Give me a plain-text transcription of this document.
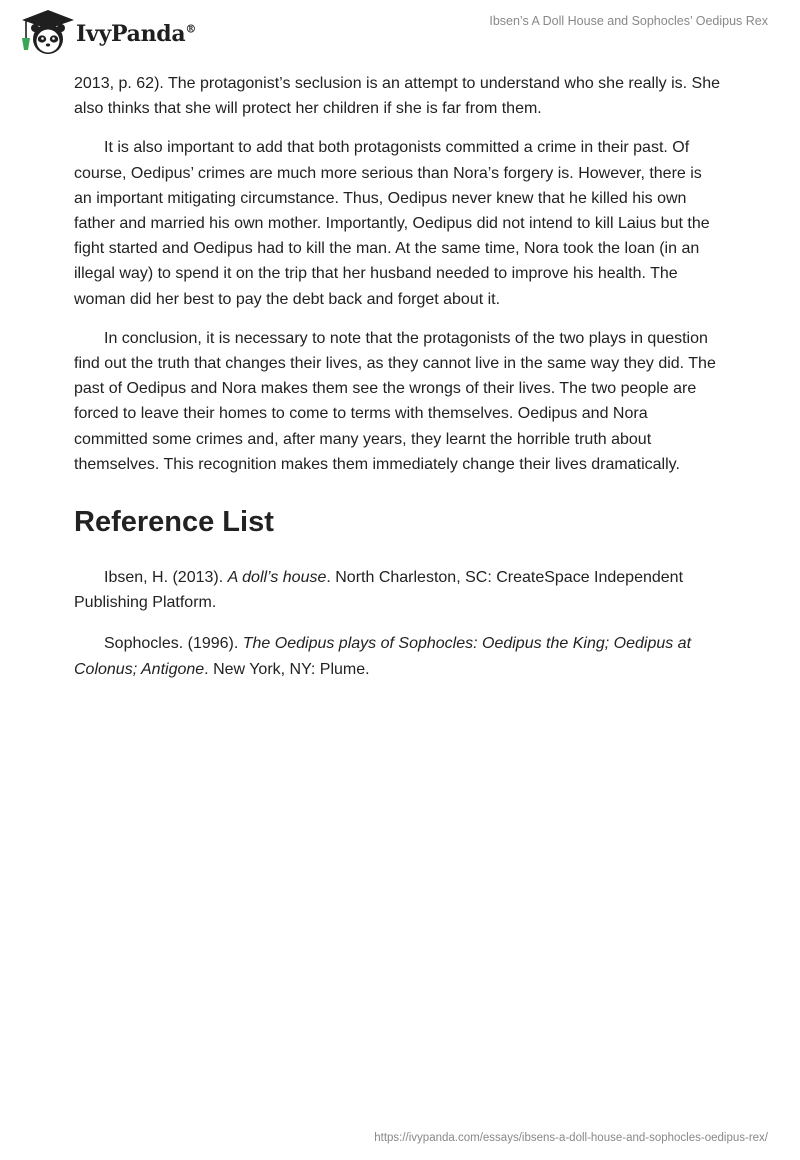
IvyPanda®
Ibsen’s A Doll House and Sophocles’ Oedipus Rex

2013, p. 62). The protagonist’s seclusion is an attempt to understand who she really is. She also thinks that she will protect her children if she is far from them.

It is also important to add that both protagonists committed a crime in their past. Of course, Oedipus’ crimes are much more serious than Nora’s forgery is. However, there is an important mitigating circumstance. Thus, Oedipus never knew that he killed his own father and married his own mother. Importantly, Oedipus did not intend to kill Laius but the fight started and Oedipus had to kill the man. At the same time, Nora took the loan (in an illegal way) to spend it on the trip that her husband needed to improve his health. The woman did her best to pay the debt back and forget about it.

In conclusion, it is necessary to note that the protagonists of the two plays in question find out the truth that changes their lives, as they cannot live in the same way they did. The past of Oedipus and Nora makes them see the wrongs of their lives. The two people are forced to leave their homes to come to terms with themselves. Oedipus and Nora committed some crimes and, after many years, they learnt the horrible truth about themselves. This recognition makes them immediately change their lives dramatically.

Reference List

Ibsen, H. (2013). A doll’s house. North Charleston, SC: CreateSpace Independent Publishing Platform.

Sophocles. (1996). The Oedipus plays of Sophocles: Oedipus the King; Oedipus at Colonus; Antigone. New York, NY: Plume.

https://ivypanda.com/essays/ibsens-a-doll-house-and-sophocles-oedipus-rex/
